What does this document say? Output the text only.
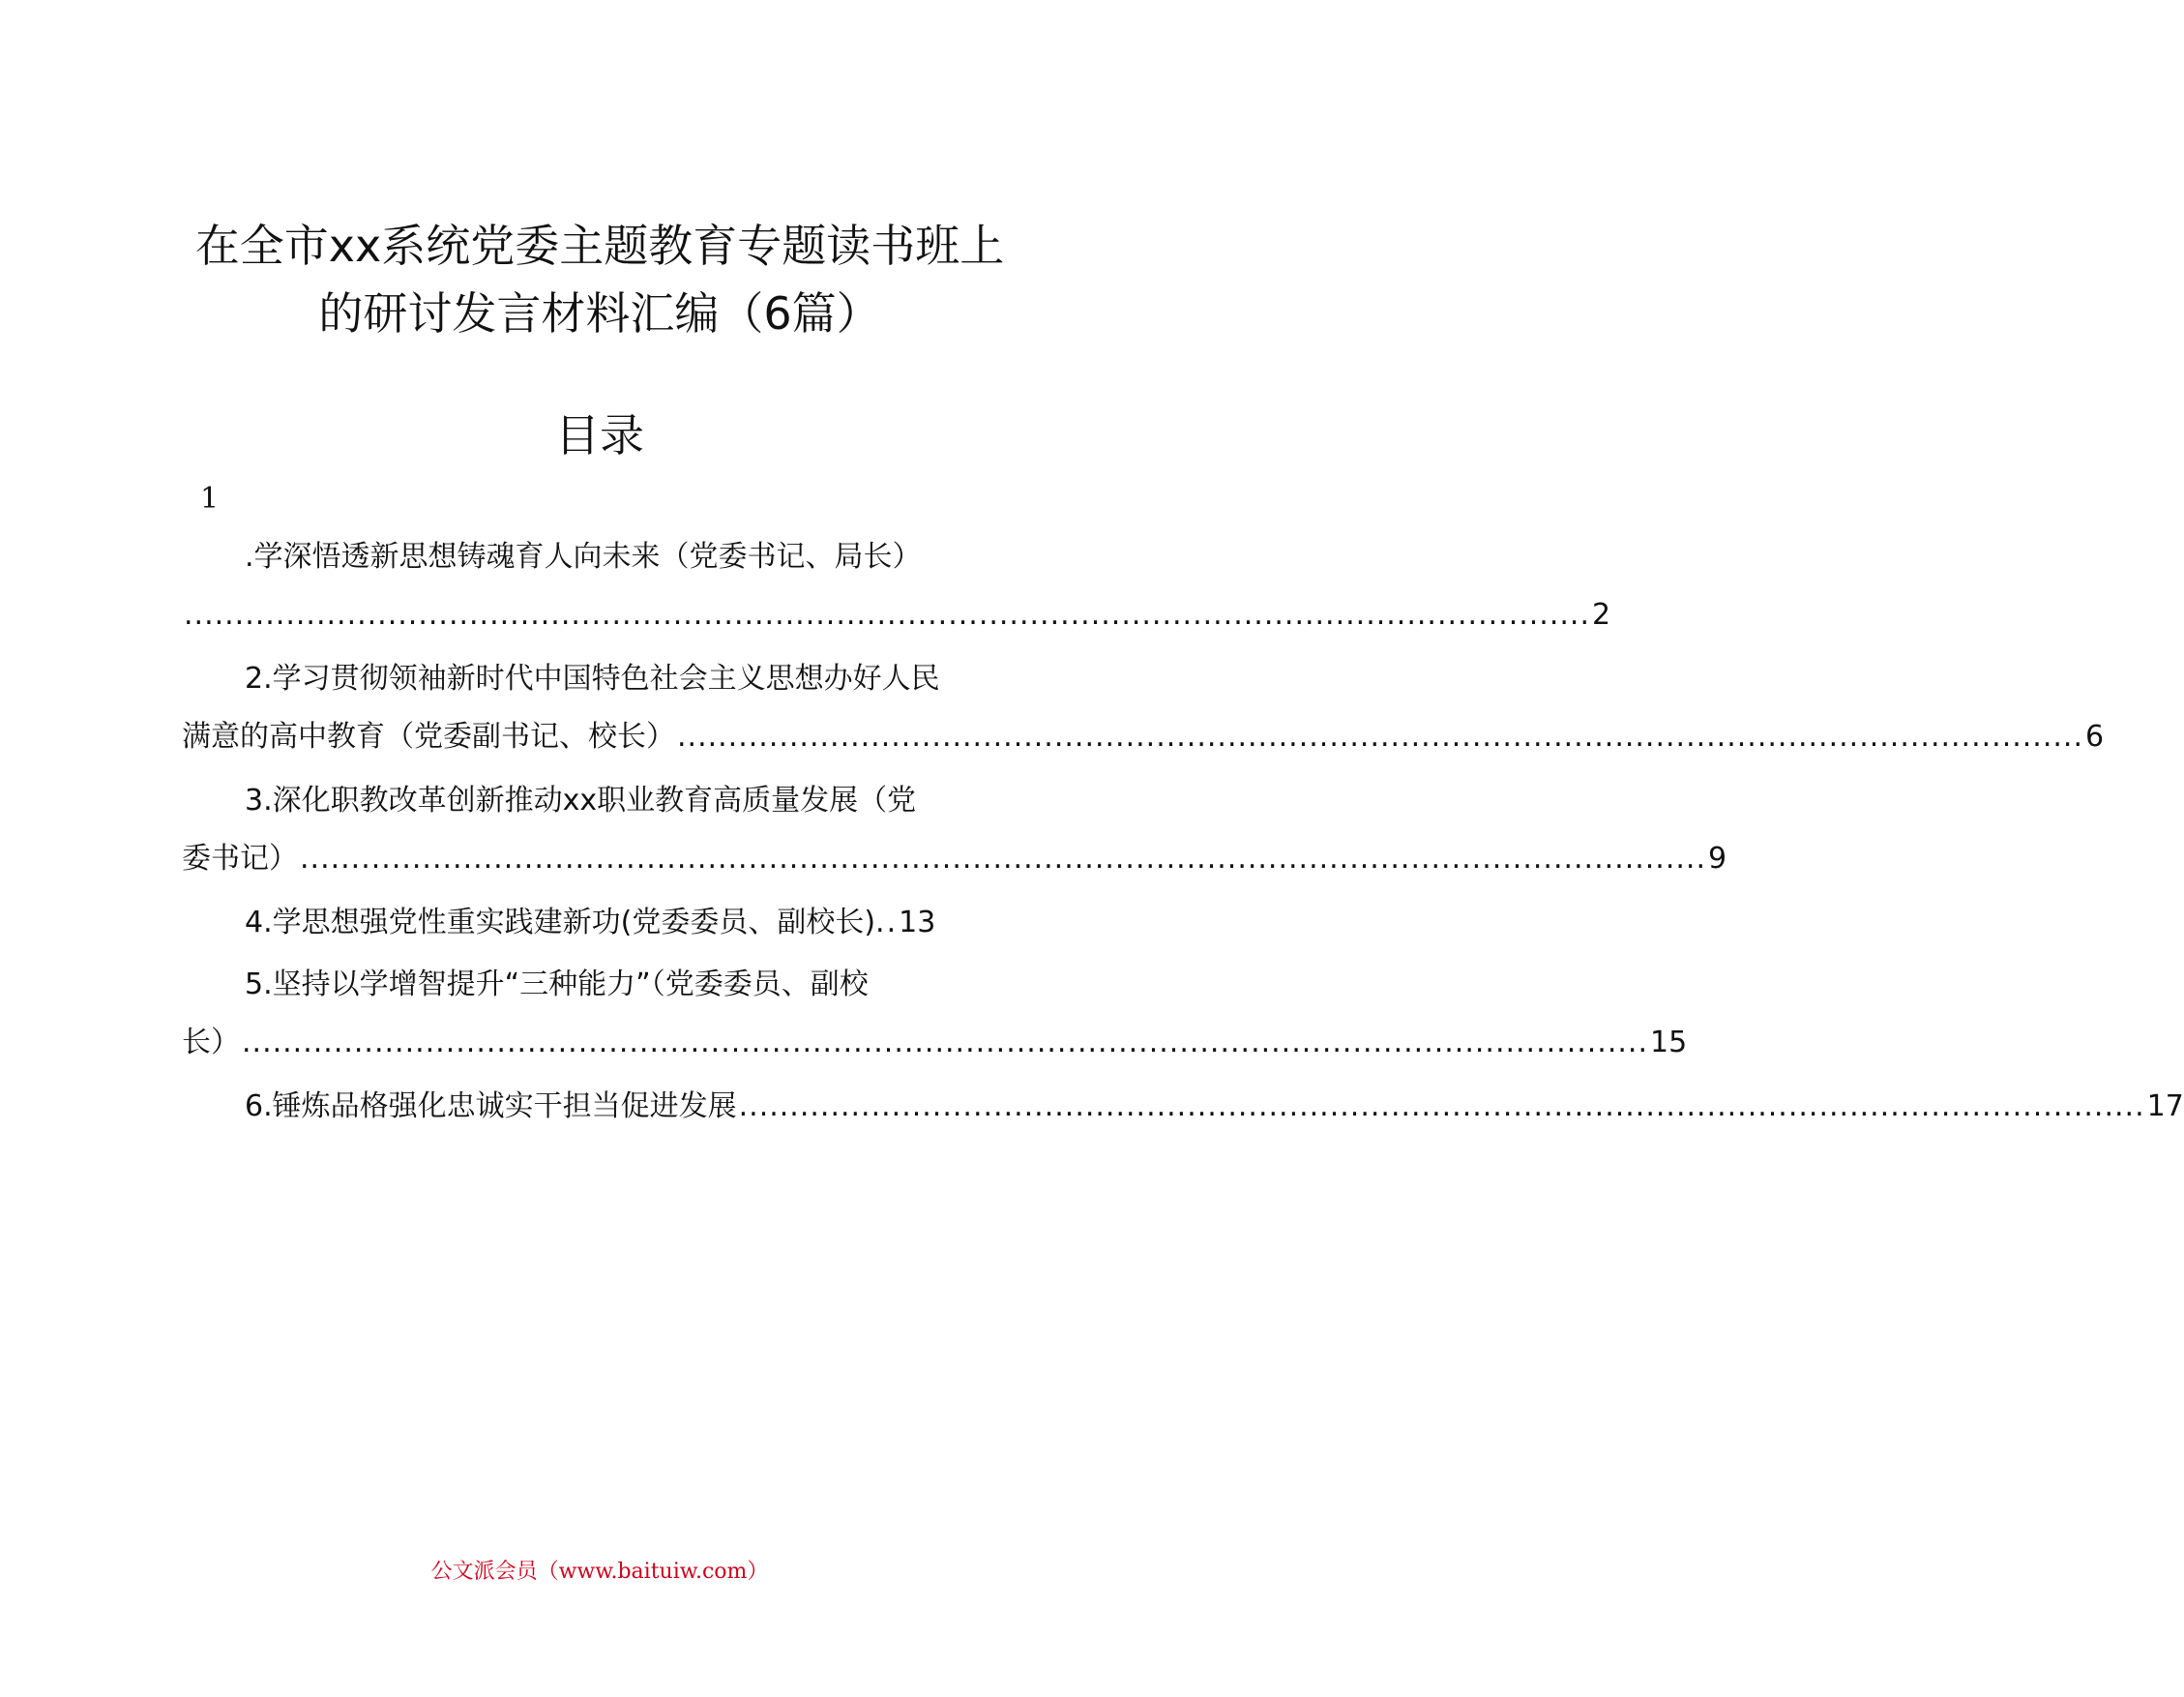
在全市xx系统党委主题教育专题读书班上
的研讨发言材料汇编（6篇）
目录
1
.学深悟透新思想铸魂育人向未来（党委书记、局长）
.......................................................................................................................................... 2
2.学习贯彻领袖新时代中国特色社会主义思想办好人民
满意的高中教育（党委副书记、校长） .......................................................................................................................................... 6
3.深化职教改革创新推动xx职业教育高质量发展（党
委书记） .......................................................................................................................................... 9
4.学思想强党性重实践建新功(党委委员、副校长). . 13
5.坚持以学增智提升“三种能力”（党委委员、副校
长） .......................................................................................................................................... 15
6.锤炼品格强化忠诚实干担当促进发展 .......................................................................................................................................... 17
公文派会员（www.baituiw.com）
